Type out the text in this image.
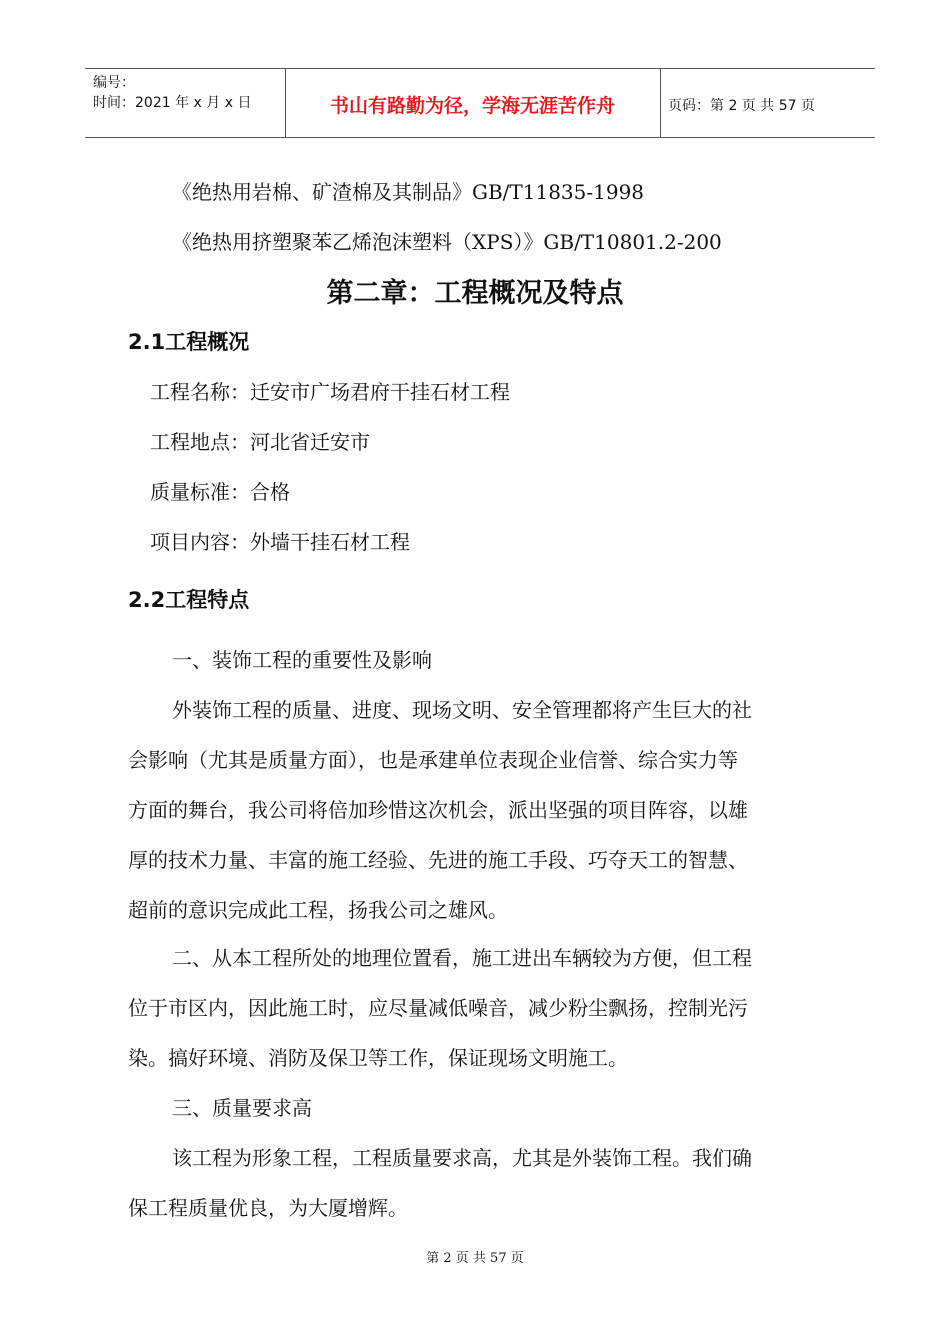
编号：
时间：2021 年 x 月 x 日	书山有路勤为径，学海无涯苦作舟	页码：第 2 页 共 57 页
《绝热用岩棉、矿渣棉及其制品》GB/T11835-1998
《绝热用挤塑聚苯乙烯泡沫塑料（XPS）》GB/T10801.2-200
第二章：工程概况及特点
2.1工程概况
工程名称：迁安市广场君府干挂石材工程
工程地点：河北省迁安市
质量标准：合格
项目内容：外墙干挂石材工程
2.2工程特点
一、装饰工程的重要性及影响
外装饰工程的质量、进度、现场文明、安全管理都将产生巨大的社
会影响（尤其是质量方面），也是承建单位表现企业信誉、综合实力等
方面的舞台，我公司将倍加珍惜这次机会，派出坚强的项目阵容，以雄
厚的技术力量、丰富的施工经验、先进的施工手段、巧夺天工的智慧、
超前的意识完成此工程，扬我公司之雄风。
二、从本工程所处的地理位置看，施工进出车辆较为方便，但工程
位于市区内，因此施工时，应尽量减低噪音，减少粉尘飘扬，控制光污
染。搞好环境、消防及保卫等工作，保证现场文明施工。
三、质量要求高
该工程为形象工程，工程质量要求高，尤其是外装饰工程。我们确
保工程质量优良，为大厦增辉。
第 2 页 共 57 页
